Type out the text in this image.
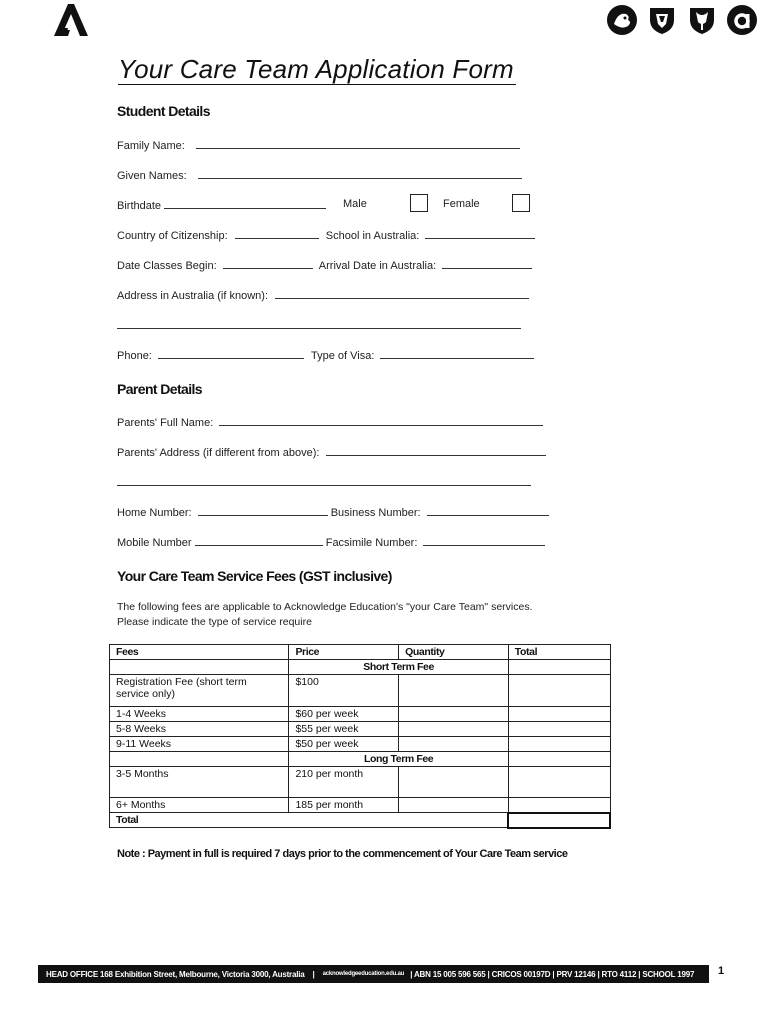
Your Care Team Application Form
Student Details
Family Name:
Given Names:
Birthdate	Male	Female
Country of Citizenship:	School in Australia:
Date Classes Begin:	Arrival Date in Australia:
Address in Australia (if known):
Phone:	Type of Visa:
Parent Details
Parents' Full Name:
Parents' Address (if different from above):
Home Number:	Business Number:
Mobile Number	Facsimile Number:
Your Care Team Service Fees (GST inclusive)
The following fees are applicable to Acknowledge Education's "your Care Team" services.
Please indicate the type of service require
Fees	Price	Quantity	Total
	Short Term Fee		
Registration Fee (short term service only)	$100		
1-4 Weeks	$60 per week		
5-8 Weeks	$55 per week		
9-11 Weeks	$50 per week		
	Long Term Fee		
3-5 Months	210 per month		
6+ Months	185 per month		
Total			
Note : Payment in full is required 7 days prior to the commencement of Your Care Team service
HEAD OFFICE 168 Exhibition Street, Melbourne, Victoria 3000, Australia | acknowledgeeducation.edu.au | ABN 15 005 596 565 | CRICOS 00197D | PRV 12146 | RTO 4112 | SCHOOL 1997 1
